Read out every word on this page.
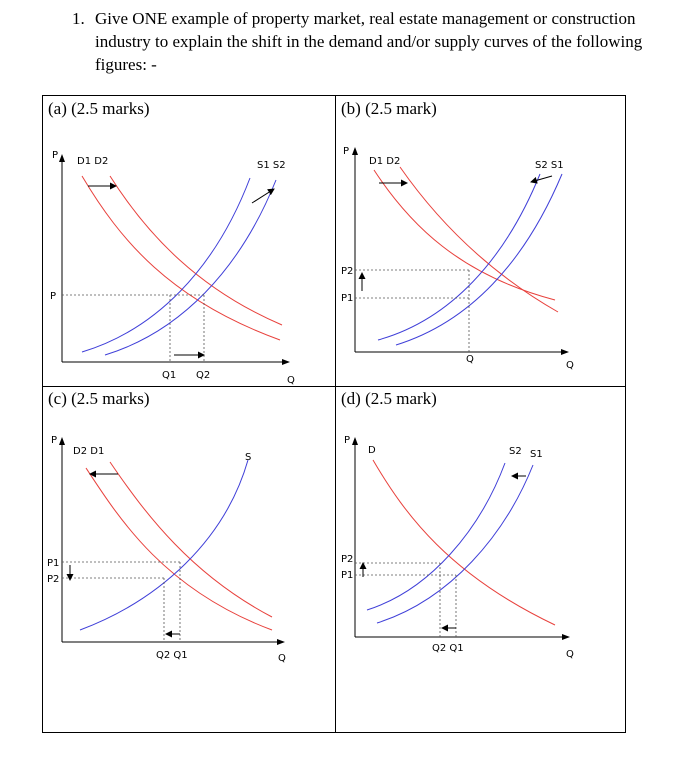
1. Give ONE example of property market, real estate management or construction industry to explain the shift in the demand and/or supply curves of the following figures: -
(a) (2.5 marks)	(b) (2.5 mark)
(c) (2.5 marks)	(d) (2.5 mark)
P
Q
D1 D2	S1 S2
P
Q1 Q2
P
Q
D1 D2	S2 S1
P2
P1
Q
P
Q
D2 D1
S
P1
P2
Q2 Q1
P
Q
D	S2 S1
P2
P1
Q2 Q1
